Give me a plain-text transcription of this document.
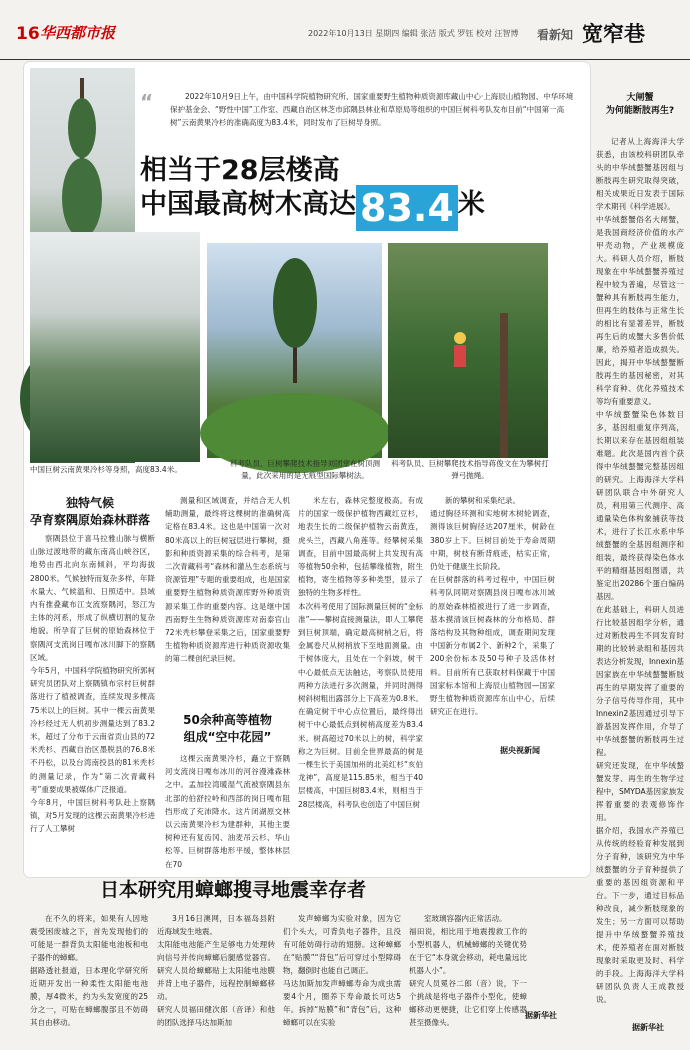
16 华西都市报	2022年10月13日 星期四 编辑 张洁 版式 罗钰 校对 汪智博 看新知 宽窄巷
“	2022年10月9日上午，由中国科学院植物研究所、国家重要野生植物种质资源库藏山中心·上海辰山植物园、中华环境保护基金会、“野性中国”工作室、西藏自治区林芝市邱隅县林业和草原局等组织的中国巨树科考队发布目前“中国第一高树”云南黄果冷杉的准确高度为83.4米，同时发布了巨树导身照。
相当于28层楼高
中国最高树木高达 83.4 米
中国巨树云南黄果冷杉等身照，高度83.4米。
科考队员、巨树攀爬技术指导刘团堂在树顶测量，此次采用的是无痕型国际攀树法。
科考队员、巨树攀爬技术指导蒋俊文在为攀树打弹弓抛绳。
独特气候
孕育察隅原始森林群落
察隅县位于喜马拉雅山脉与横断山脉过渡地带的藏东南高山峡谷区，地势由西北向东南倾斜，平均海拔2800米。气候独特而复杂多样，年降水量大、气候温和、日照适中。县域内有推叠藏布江支流察隅河，怒江为主体的河系，形成了纵横切割的复杂地貌。所孕育了巨树的原始森林位于察隅河支流岗日嘎布冰川脚下的察隅区域。
今年5月，中国科学院植物研究所郭柯研究员团队对上察隅镇布宗村巨树群落进行了植被调查，连续发现多棵高75米以上的巨树。其中一棵云南黄果冷杉经过无人机初步测量达到了83.2米，超过了分布于云南省贡山县的72米秃杉、西藏自治区墨脱县的76.8米不丹松，以及台湾南投县的81米秃杉的测量记录，作为“第二次青藏科考”重要成果被媒体广泛报道。
今年8月，中国巨树科考队赴上察隅镇，对5月发现的这棵云南黄果冷杉进行了人工攀树
测量和区域调查，并结合无人机辅助测量，最终将这棵树的准确树高定格在83.4米。这也是中国第一次对80米高以上的巨树冠层进行攀树，摄影和种质资源采集的综合科考，是第二次青藏科考“森林和灌丛生态系统与资源管理”专题的重要组成，也是国家重要野生植物种质资源库野外种质资源采集工作的重要内容。这是继中国西南野生生物种质资源库对南泰官山72米秃杉攀登采集之后，国家重要野生植物种质资源库进行种质资源收集的第二棵创纪录巨树。
50余种高等植物
组成“空中花园”
这棵云南黄果冷杉，矗立于察隅河支流岗日嘎布冰川的河谷漫滩森林之中。孟加拉湾暖湿气流被察隅县东北部的伯舒拉岭和西部的岗日嘎布阻挡形成了充沛降水。这片闭湖原交林以云南黄果冷杉为建群种，其他主要树种还有复齿冈、油麦吊云杉、华山松等。巨树群落地形平缓，整体林层在70
米左右，森林完整度极高。有成片的国家一级保护植物西藏红豆杉，地表生长的二级保护植物云南黄连，虎头兰，西藏八角莲等。经攀树采集调查，目前中国最高树上共发现有高等植物50余种，包括攀缘植物，附生植物，寄生植物等多种类型，显示了独特的生物多样性。
本次科考使用了国际测量巨树的“金标准”——攀树直接测量法，即人工攀爬到巨树顶端，确定最高树梢之后，将金属卷尺从树梢放下至地面测量。由于树体庞大，且处在一个斜坡，树干中心最低点无法触达，考察队员使用两种方法进行多次测量，并同时测得树斜树粗出露部分上下高差为0.8米。在确定树干中心点位置后，最终得出树干中心最低点到树梢高度差为83.4米。树高超过70米以上的树，科学家称之为巨树。目前全世界最高的树是一棵生长于美国加州的北美红杉“亥伯龙神”，高度是115.85米，相当于40层楼高，中国巨树83.4米，则相当于28层楼高，科考队也创造了中国巨树
新的攀树和采集纪录。
通过胸径环测和实地树木树轮调查，测得该巨树胸径达207厘米，树龄在380岁上下。巨树目前处于寿命周期中期，树枝有断背痕迹，枯实正常，仍处于健康生长阶段。
在巨树群落的科考过程中，中国巨树科考队同期对察隅县岗日嘎布冰川域的原始森林植被进行了进一步调查，基本摸清该巨树森林的分布格局、群落结构及其物种组成，调查期间发现中国新分布属2个、新种2个，采集了200余份标本及50号种子及活体材料。目前所有已获取材料保藏于中国国家标本馆和上海辰山植物园—国家野生植物种质资源库东山中心，后续研究正在进行。
据央视新闻
大闸蟹
为何能断肢再生?
记者从上海海洋大学获悉，由该校科研团队牵头的中华绒螯蟹基因组与断肢再生研究取得突破，相关成果近日发表于国际学术期刊《科学进展》。
中华绒螯蟹俗名大闸蟹，是我国商经济价值的水产甲壳动物，产业规模庞大。科研人员介绍，断肢现象在中华绒螯蟹养殖过程中较为普遍，尽管这一蟹种具有断肢再生能力，但再生的肢体与正常生长的相比有显著差异，断肢再生后的成蟹大多售价低廉，给养殖者造成损失。因此，揭开中华绒螯蟹断肢再生的基因秘密，对其科学育种、优化养殖技术等均有重要意义。
中华绒螯蟹染色体数目多，基因组重复序列高，长期以来存在基因组组装难题。此次是国内首个获得中华绒螯蟹完整基因组的研究。上海海洋大学科研团队联合中外研究人员，利用第三代测序、高通量染色体构象捕获等技术，进行了长江水系中华绒螯蟹的全基因组测序和组装，最终获得染色体水平的精细基因组图谱，共鉴定出20286个蛋白编码基因。
在此基础上，科研人员进行比较基因组学分析，通过对断肢再生不同发育时期的比较转录组和基因共表达分析发现，Innexin基因家族在中华绒螯蟹断肢再生的早期发挥了重要的分子信号传导作用，其中Innexin2基因通过引导下游基因发挥作用，介导了中华绒螯蟹的断肢再生过程。
研究还发现，在中华绒螯蟹发芽、再生的生物学过程中，SMYDA基因家族发挥着重要的表观修饰作用。
据介绍，我国水产养殖已从传统的经验育种发展到分子育种，该研究为中华绒螯蟹的分子育种提供了重要的基因组资源和平台。下一步，通过目标品种改良，减少断肢现象的发生；另一方面可以帮助提升中华绒螯蟹养殖技术，使养殖者在面对断肢现象时采取更及时、科学的手段。上海海洋大学科研团队负责人王成教授说。
据新华社
日本研究用蟑螂搜寻地震幸存者
在不久的将来，如果有人因地震受困废墟之下，首先发现他们的可能是一群背负太阳能电池板和电子器件的蟑螂。
据路透社报道，日本理化学研究所近期开发出一种柔性太阳能电池膜，厚4微米，约为头发宽度的25分之一，可贴在蟑螂腹部且不妨碍其自由移动。
3月16日澳网，日本福岛县附近海域发生地震。
太阳能电池能产生足够电力处理转向信号并传向蟑螂后腿感觉器官。研究人员给蟑螂贴上太阳能电池膜并背上电子器件，远程控制蟑螂移动。
研究人员福田健次郎（音译）和他的团队选择马达加斯加
发声蟑螂为实验对象，因为它们个头大，可背负电子器件，且没有可能妨碍行动的翅膀。这种蟑螂在“贴膜”“背包”后可穿过小型障碍物，翻倒时也能自己调正。
马达加斯加发声蟑螂寿命为成虫需要4个月，圈养下寿命最长可达5年。拆掉“贴膜”和“背包”后，这种蟑螂可以在实验
室玻璃容器内正常活动。
福田说，相比用于地震搜救工作的小型机器人，机械蟑螂的关键优势在于它“本身就会移动，耗电量远比机器人小”。
研究人员冕谷二郎（音）说，下一个挑战是将电子器件小型化，使蟑螂移动更便捷，让它们穿上传感器甚至摄像头。
据新华社
